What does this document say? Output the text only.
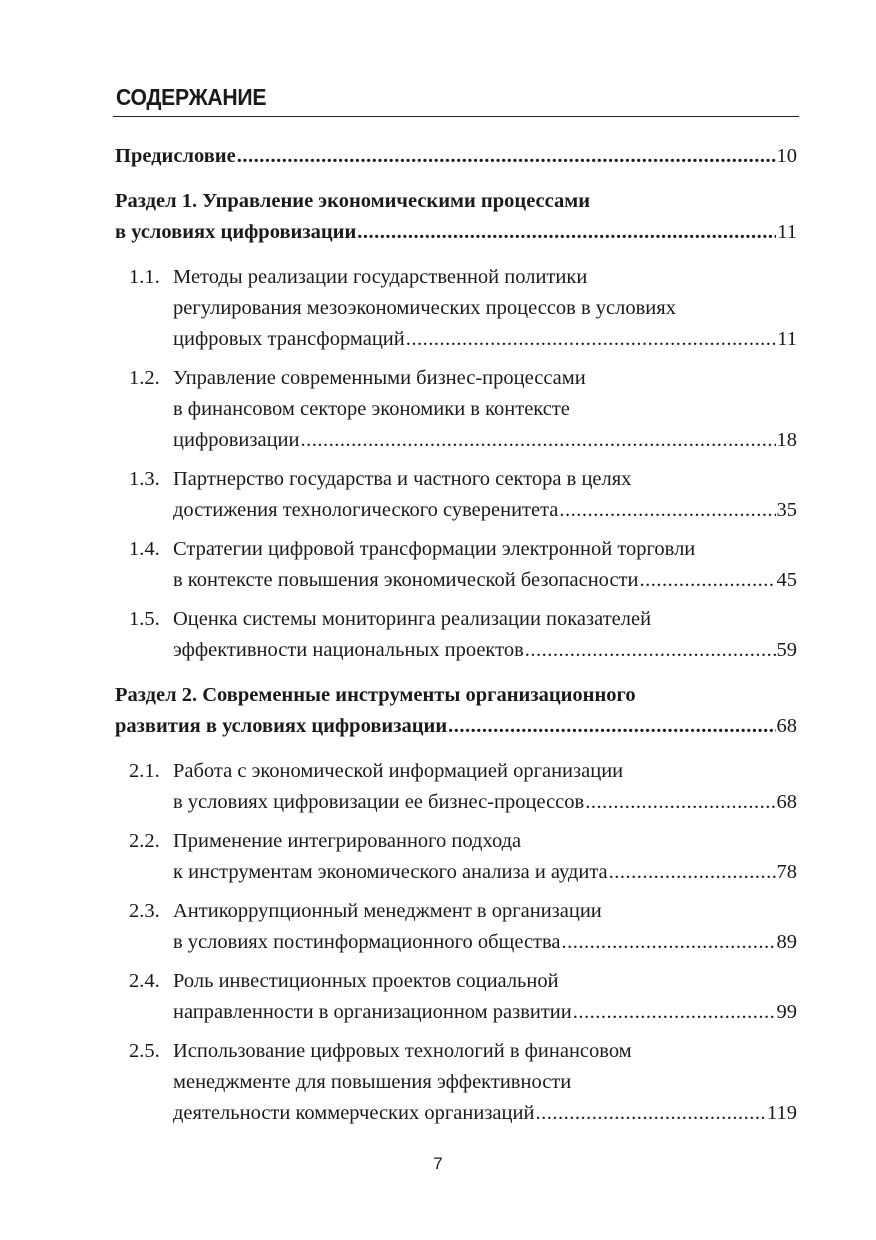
СОДЕРЖАНИЕ
Предисловие .....	10
Раздел 1. Управление экономическими процессами
в условиях цифровизации .....	11
1.1. Методы реализации государственной политики
регулирования мезоэкономических процессов в условиях
цифровых трансформаций .....	11
1.2. Управление современными бизнес-процессами
в финансовом секторе экономики в контексте
цифровизации .....	18
1.3. Партнерство государства и частного сектора в целях
достижения технологического суверенитета .....	35
1.4. Стратегии цифровой трансформации электронной торговли
в контексте повышения экономической безопасности .....	45
1.5. Оценка системы мониторинга реализации показателей
эффективности национальных проектов .....	59
Раздел 2. Современные инструменты организационного
развития в условиях цифровизации .....	68
2.1. Работа с экономической информацией организации
в условиях цифровизации ее бизнес-процессов .....	68
2.2. Применение интегрированного подхода
к инструментам экономического анализа и аудита .....	78
2.3. Антикоррупционный менеджмент в организации
в условиях постинформационного общества .....	89
2.4. Роль инвестиционных проектов социальной
направленности в организационном развитии .....	99
2.5. Использование цифровых технологий в финансовом
менеджменте для повышения эффективности
деятельности коммерческих организаций .....	119
7
